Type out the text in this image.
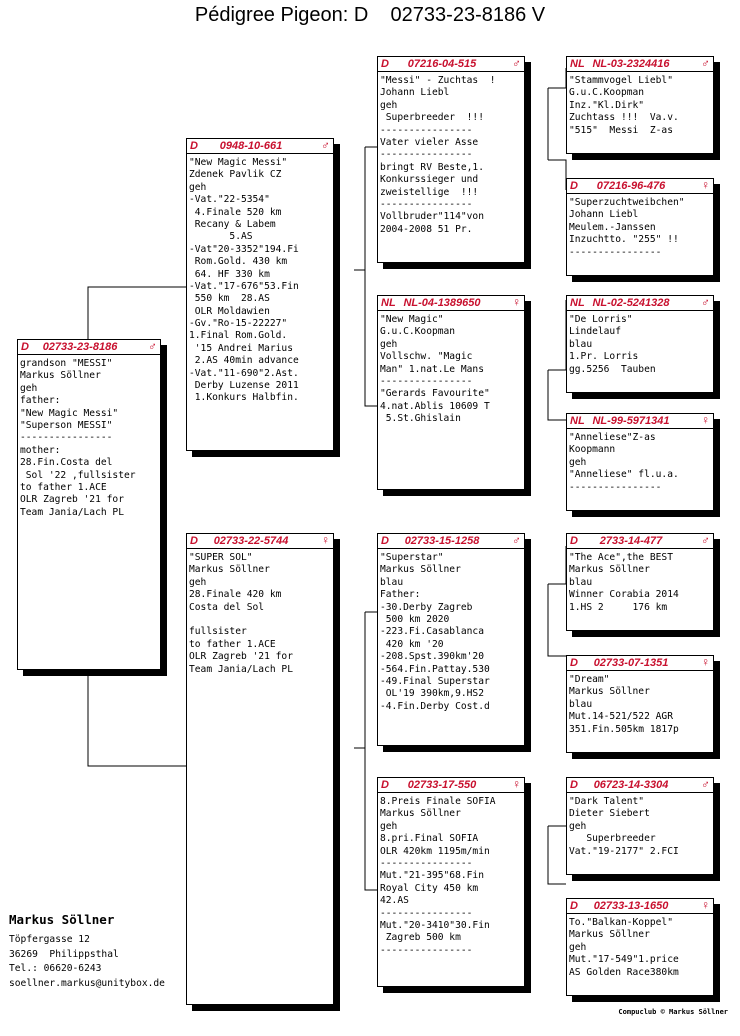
Pédigree Pigeon: D    02733-23-8186 V
D	02733-23-8186	♂
grandson "MESSI"
Markus Söllner
geh
father:
"New Magic Messi"
"Superson MESSI"
----------------
mother:
28.Fin.Costa del
Sol '22 ,fullsister
to father 1.ACE
OLR Zagreb '21 for
Team Jania/Lach PL
D	0948-10-661	♂
"New Magic Messi"
Zdenek Pavlik CZ
geh
-Vat."22-5354"
4.Finale 520 km
Recany & Labem
5.AS
-Vat"20-3352"194.Fi
Rom.Gold. 430 km
64. HF 330 km
-Vat."17-676"53.Fin
550 km  28.AS
OLR Moldawien
-Gv."Ro-15-22227"
1.Final Rom.Gold.
'15 Andrei Marius
2.AS 40min advance
-Vat."11-690"2.Ast.
Derby Luzense 2011
1.Konkurs Halbfin.
D	02733-22-5744	♀
"SUPER SOL"
Markus Söllner
geh
28.Finale 420 km
Costa del Sol
fullsister
to father 1.ACE
OLR Zagreb '21 for
Team Jania/Lach PL
D	07216-04-515	♂
"Messi" - Zuchtas  !
Johann Liebl
geh
Superbreeder  !!!
----------------
Vater vieler Asse
----------------
bringt RV Beste,1.
Konkurssieger und
zweistellige  !!!
----------------
Vollbruder"114"von
2004-2008 51 Pr.
NL NL-04-1389650	♀
"New Magic"
G.u.C.Koopman
geh
Vollschw. "Magic
Man" 1.nat.Le Mans
----------------
"Gerards Favourite"
4.nat.Ablis 10609 T
5.St.Ghislain
D	02733-15-1258	♂
"Superstar"
Markus Söllner
blau
Father:
-30.Derby Zagreb
500 km 2020
-223.Fi.Casablanca
420 km '20
-208.Spst.390km'20
-564.Fin.Pattay.530
-49.Final Superstar
OL'19 390km,9.HS2
-4.Fin.Derby Cost.d
D	02733-17-550	♀
8.Preis Finale SOFIA
Markus Söllner
geh
8.pri.Final SOFIA
OLR 420km 1195m/min
----------------
Mut."21-395"68.Fin
Royal City 450 km
42.AS
----------------
Mut."20-3410"30.Fin
Zagreb 500 km
----------------
NL NL-03-2324416	♂
"Stammvogel Liebl"
G.u.C.Koopman
Inz."Kl.Dirk"
Zuchtass !!!  Va.v.
"515"  Messi  Z-as
D	07216-96-476	♀
"Superzuchtweibchen"
Johann Liebl
Meulem.-Janssen
Inzuchtto. "255" !!
----------------
NL NL-02-5241328	♂
"De Lorris"
Lindelauf
blau
1.Pr. Lorris
gg.5256  Tauben
NL NL-99-5971341	♀
"Anneliese"Z-as
Koopmann
geh
"Anneliese" fl.u.a.
----------------
D	2733-14-477	♂
"The Ace",the BEST
Markus Söllner
blau
Winner Corabia 2014
1.HS 2     176 km
D	02733-07-1351	♀
"Dream"
Markus Söllner
blau
Mut.14-521/522 AGR
351.Fin.505km 1817p
D	06723-14-3304	♂
"Dark Talent"
Dieter Siebert
geh
Superbreeder
Vat."19-2177" 2.FCI
D	02733-13-1650	♀
To."Balkan-Koppel"
Markus Söllner
geh
Mut."17-549"1.price
AS Golden Race380km
Markus Söllner
Töpfergasse 12
36269  Philippsthal
Tel.: 06620-6243
soellner.markus@unitybox.de
Compuclub © Markus Söllner
